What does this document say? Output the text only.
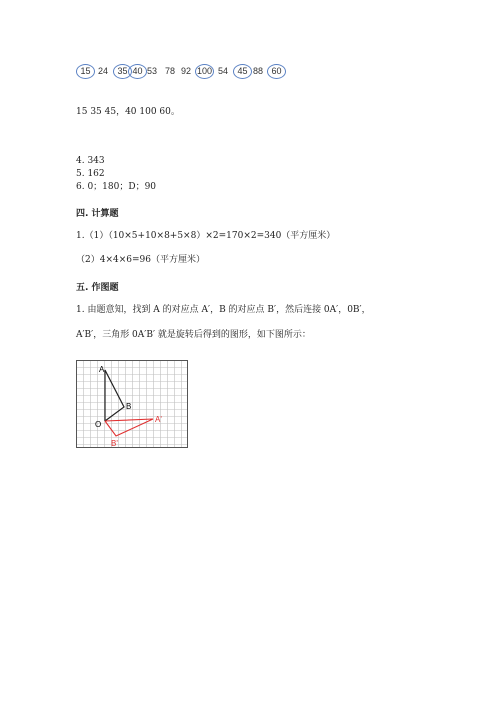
15 24	35 40 53 78 92 100 54	45 88 60
15 35 45，40 100 60。
4. 343
5. 162
6. 0；180；D；90
四. 计算题
1.（1）（10×5+10×8+5×8）×2=170×2=340（平方厘米）
（2）4×4×6=96（平方厘米）
五. 作图题
1. 由题意知，找到 A 的对应点 A′，B 的对应点 B′，然后连接 0A′，0B′，
A′B′，三角形 0A′B′ 就是旋转后得到的图形，如下图所示：
A
B
O
A'
B'
